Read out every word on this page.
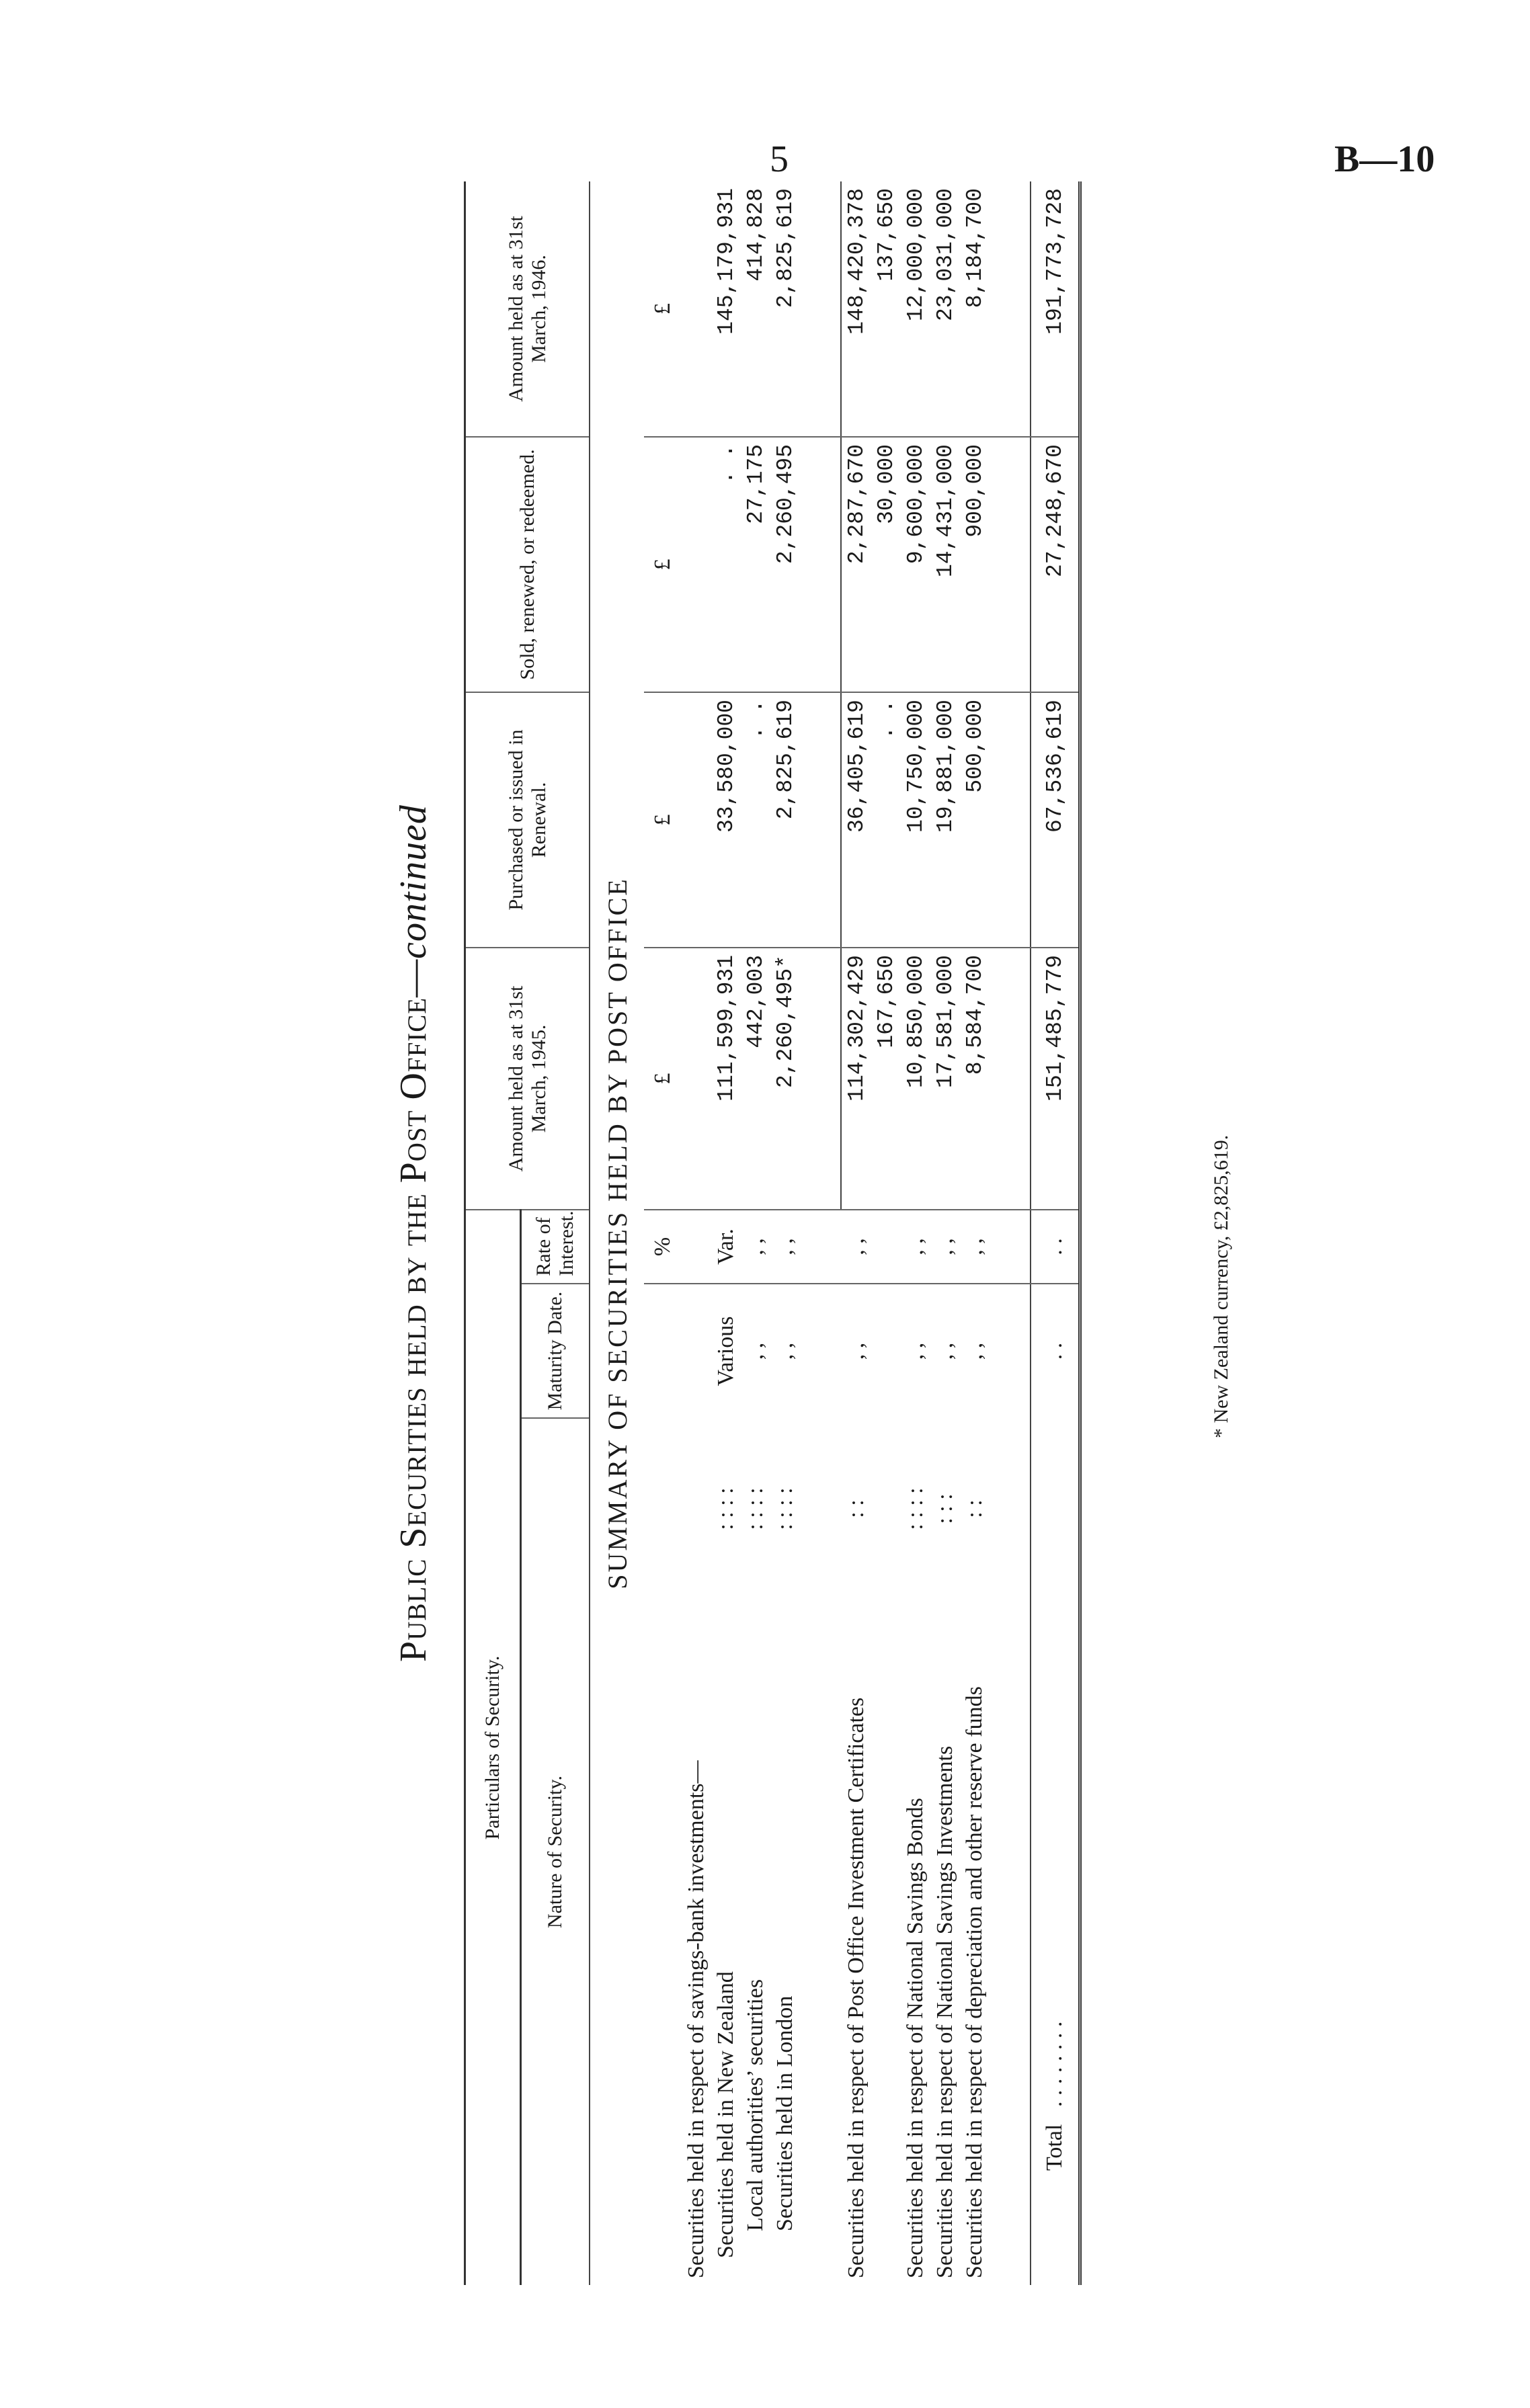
5	B—10
Public Securities held by the Post Office—continued
Particulars of Security.				Amount held as at 31st March, 1945.	Purchased or issued in Renewal.	Sold, renewed, or redeemed.	Amount held as at 31st March, 1946.
Nature of Security.		Maturity Date.	Rate of Interest.				
SUMMARY OF SECURITIES HELD BY POST OFFICE							
			%	£	£	£	£
Securities held in respect of savings-bank investments—							
Securities held in New Zealand	: : : :	Various	Var.	111,599,931	33,580,000	. .	145,179,931
Local authorities’ securities	: : : :	, ,	, ,	442,003	. .	27,175	414,828
Securities held in London	: : : :	, ,	, ,	2,260,495*	2,825,619	2,260,495	2,825,619

Securities held in respect of Post Office Investment Certificates	: :	, ,	, ,	114,302,429	36,405,619	2,287,670	148,420,378
				167,650	. .	30,000	137,650
Securities held in respect of National Savings Bonds	: : : :	, ,	, ,	10,850,000	10,750,000	9,600,000	12,000,000
Securities held in respect of National Savings Investments	: : :	, ,	, ,	17,581,000	19,881,000	14,431,000	23,031,000
Securities held in respect of depreciation and other reserve funds	: :	, ,	, ,	8,584,700	500,000	900,000	8,184,700

Total   . . . . . . . .		. .	. .	151,485,779	67,536,619	27,248,670	191,773,728
* New Zealand currency, £2,825,619.
